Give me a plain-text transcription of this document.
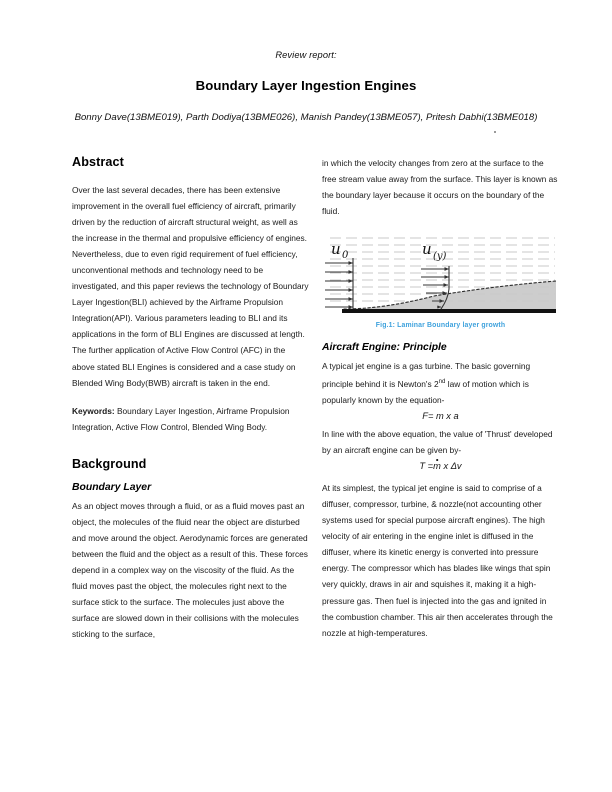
Review report:
Boundary Layer Ingestion Engines
Bonny Dave(13BME019), Parth Dodiya(13BME026), Manish Pandey(13BME057), Pritesh Dabhi(13BME018)
Abstract

Over the last several decades, there has been extensive improvement in the overall fuel efficiency of aircraft, primarily driven by the reduction of aircraft structural weight, as well as the increase in the thermal and propulsive efficiency of engines. Nevertheless, due to even rigid requirement of fuel efficiency, unconventional methods and technology need to be investigated, and this paper reviews the technology of Boundary Layer Ingestion(BLI) achieved by the Airframe Propulsion Integration(API). Various parameters leading to BLI and its applications in the form of BLI Engines are discussed at length. The further application of Active Flow Control (AFC) in the above stated BLI Engines is considered and a case study on Blended Wing Body(BWB) aircraft is taken in the end.

Keywords: Boundary Layer Ingestion, Airframe Propulsion Integration, Active Flow Control, Blended Wing Body.

Background
Boundary Layer

As an object moves through a fluid, or as a fluid moves past an object, the molecules of the fluid near the object are disturbed and move around the object. Aerodynamic forces are generated between the fluid and the object as a result of this. These forces depend in a complex way on the viscosity of the fluid. As the fluid moves past the object, the molecules right next to the surface stick to the surface. The molecules just above the surface are slowed down in their collisions with the molecules sticking to the surface,

in which the velocity changes from zero at the surface to the free stream value away from the surface. This layer is known as the boundary layer because it occurs on the boundary of the fluid.

u 0	u (y)
Fig.1: Laminar Boundary layer growth
Aircraft Engine: Principle

A typical jet engine is a gas turbine. The basic governing principle behind it is Newton's 2nd law of motion which is popularly known by the equation-

F= m x a

In line with the above equation, the value of 'Thrust' developed by an aircraft engine can be given by-

T =m x Δv

At its simplest, the typical jet engine is said to comprise of a diffuser, compressor, turbine, & nozzle(not accounting other systems used for special purpose aircraft engines). The high velocity of air entering in the engine inlet is diffused in the diffuser, where its kinetic energy is converted into pressure energy. The compressor which has blades like wings that spin very quickly, draws in air and squishes it, making it a high-pressure gas. Then fuel is injected into the gas and ignited in the combustion chamber. This air then accelerates through the nozzle at high-temperatures.
